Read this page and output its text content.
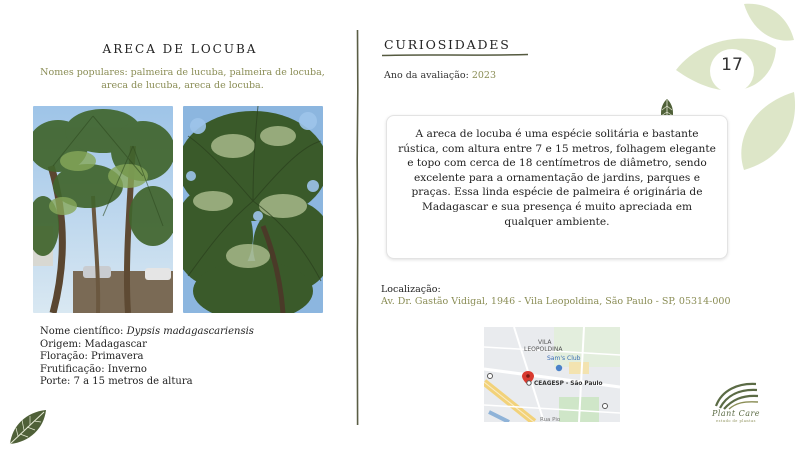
ARECA DE LOCUBA
Nomes populares: palmeira de lucuba, palmeira de locuba, areca de lucuba, areca de locuba.
Nome científico: Dypsis madagascariensis
Origem: Madagascar
Floração: Primavera
Frutificação: Inverno
Porte: 7 a 15 metros de altura
CURIOSIDADES
Ano da avaliação: 2023
A areca de locuba é uma espécie solitária e bastante rústica, com altura entre 7 e 15 metros, folhagem elegante e topo com cerca de 18 centímetros de diâmetro, sendo excelente para a ornamentação de jardins, parques e praças. Essa linda espécie de palmeira é originária de Madagascar e sua presença é muito apreciada em qualquer ambiente.
Localização:
Av. Dr. Gastão Vidigal, 1946 - Vila Leopoldina, São Paulo - SP, 05314-000
VILA
LEOPOLDINA
Sam's Club
CEAGESP - São Paulo
Rua Pio
17
Plant Care
estudo de plantas
